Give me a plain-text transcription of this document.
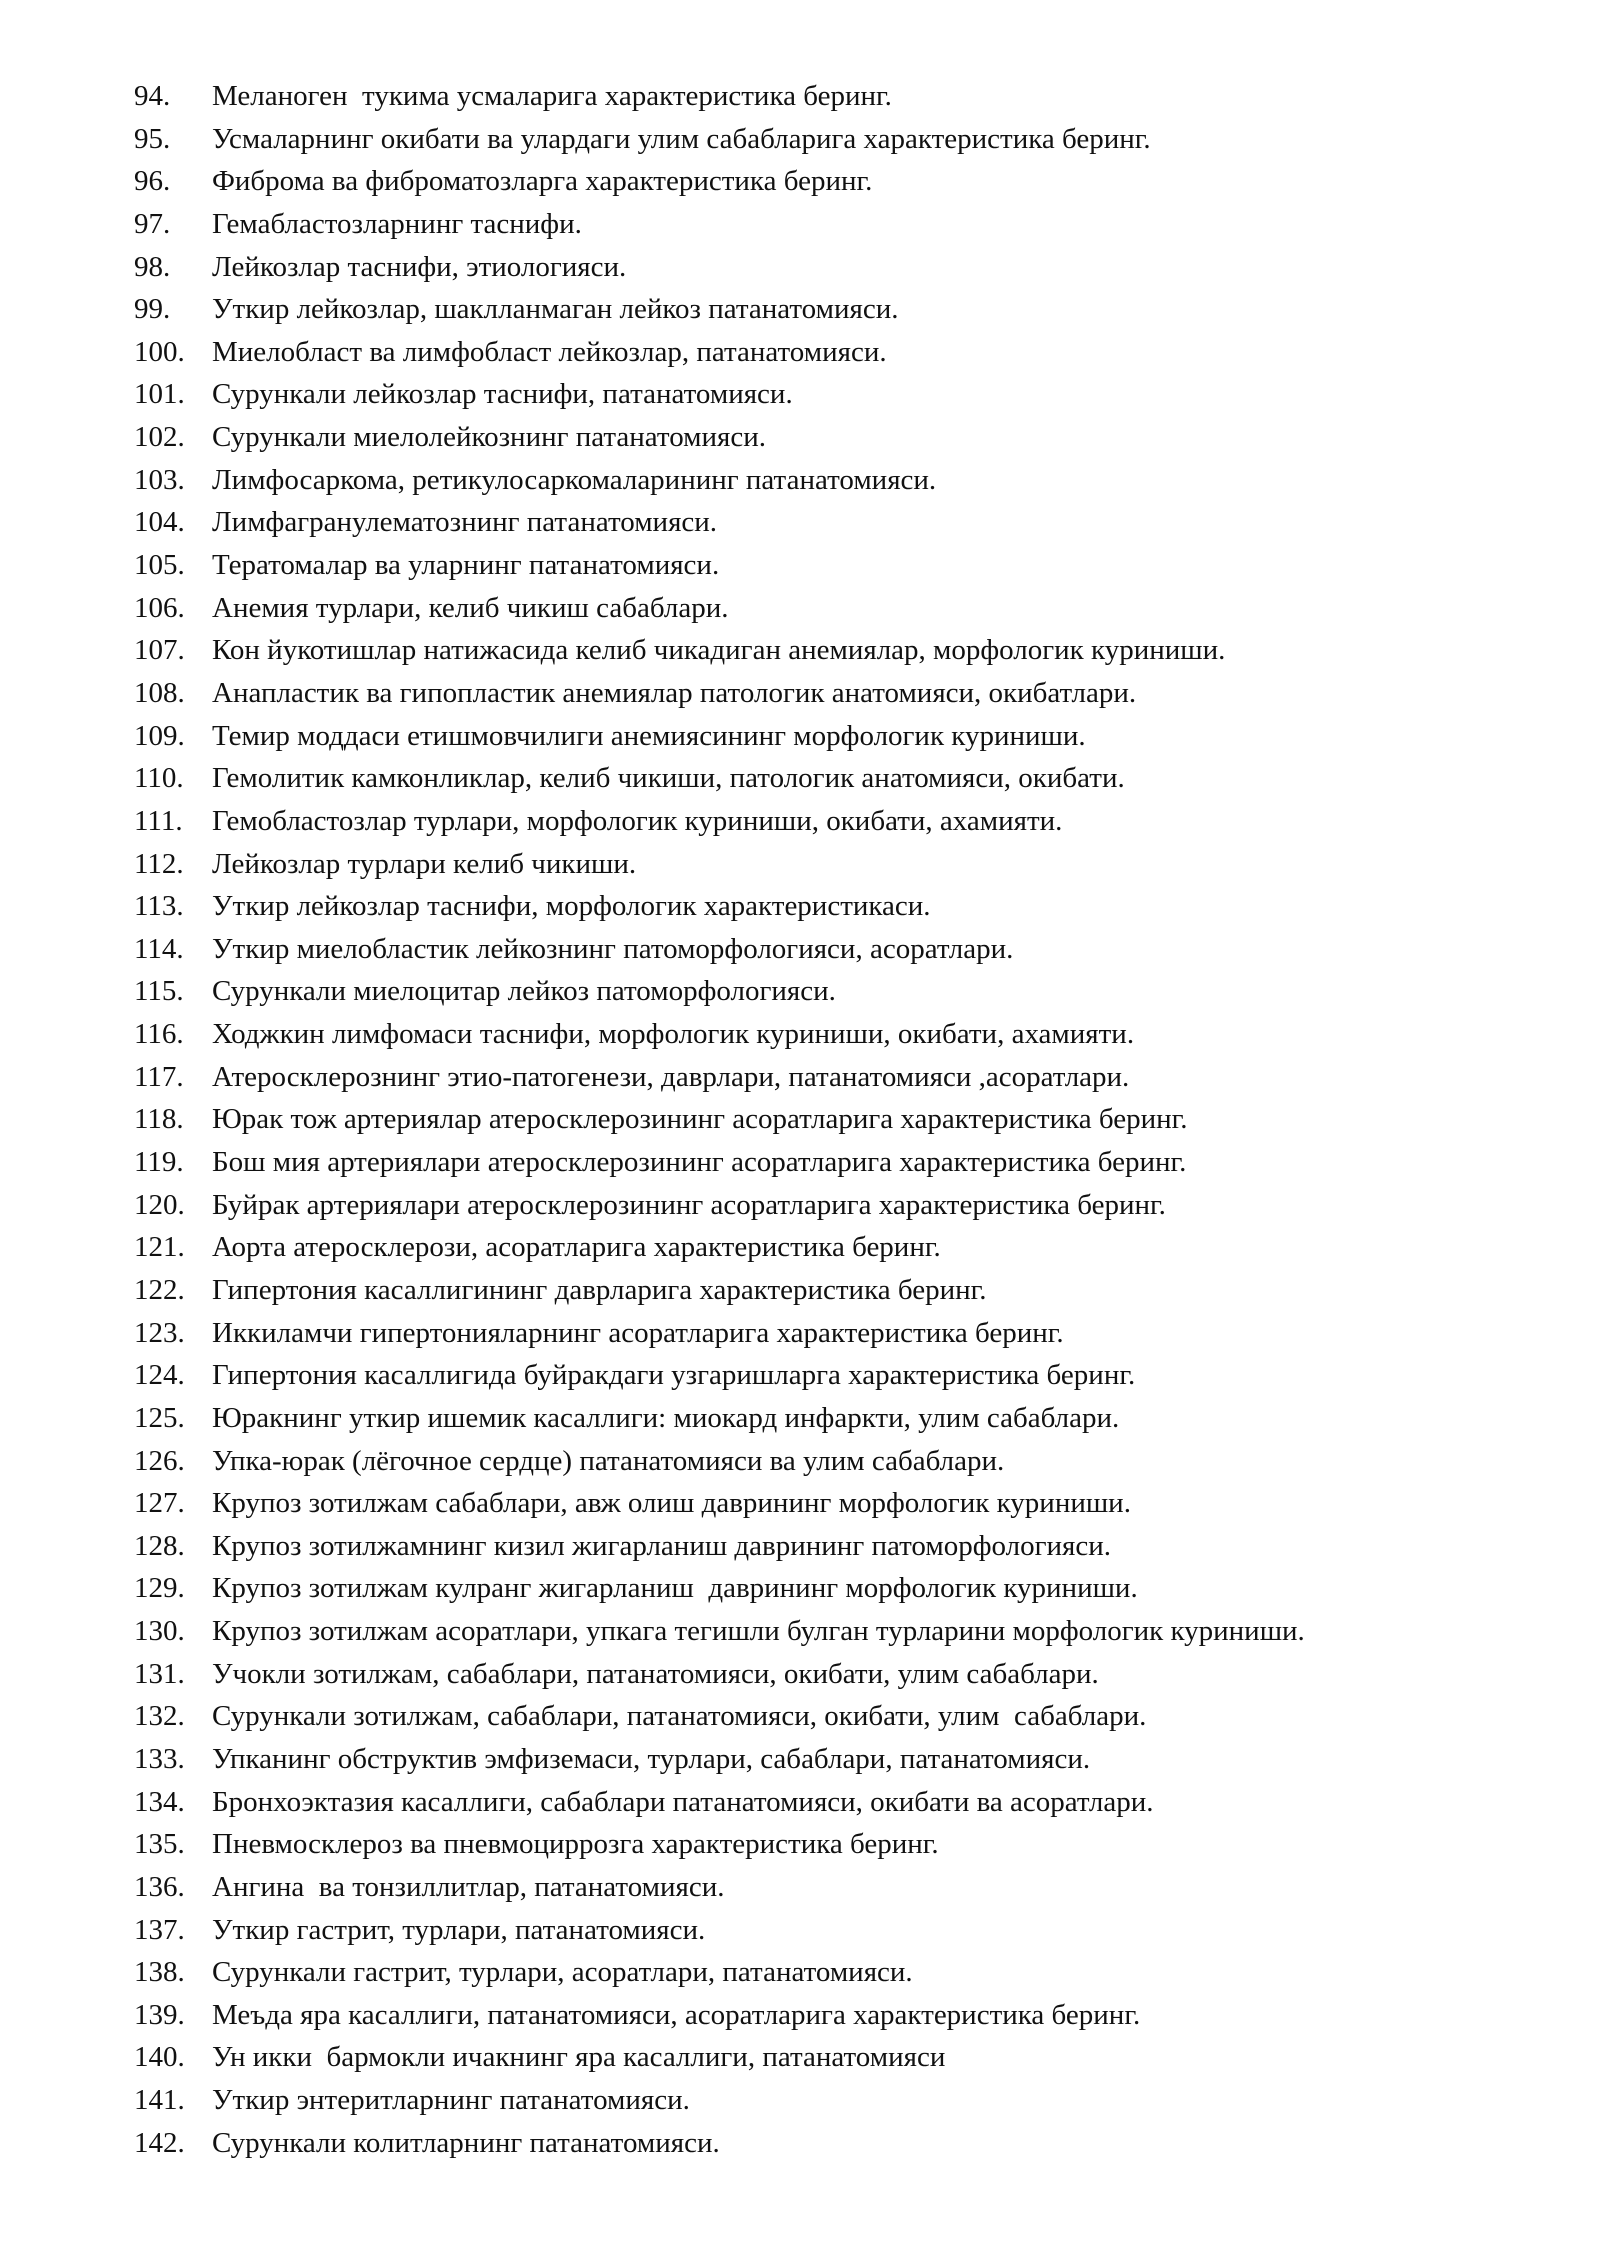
94.	Меланоген  тукима усмаларига характеристика беринг.
95.	Усмаларнинг окибати ва улардаги улим сабабларига характеристика беринг.
96.	Фиброма ва фиброматозларга характеристика беринг.
97.	Гемабластозларнинг таснифи.
98.	Лейкозлар таснифи, этиологияси.
99.	Уткир лейкозлар, шаклланмаган лейкоз патанатомияси.
100. Миелобласт ва лимфобласт лейкозлар, патанатомияси.
101. Сурункали лейкозлар таснифи, патанатомияси.
102. Сурункали миелолейкознинг патанатомияси.
103. Лимфосаркома, ретикулосаркомаларининг патанатомияси.
104. Лимфагранулематознинг патанатомияси.
105. Тератомалар ва уларнинг патанатомияси.
106. Анемия турлари, келиб чикиш сабаблари.
107. Кон йукотишлар натижасида келиб чикадиган анемиялар, морфологик куриниши.
108. Анапластик ва гипопластик анемиялар патологик анатомияси, окибатлари.
109. Темир моддаси етишмовчилиги анемиясининг морфологик куриниши.
110. Гемолитик камконликлар, келиб чикиши, патологик анатомияси, окибати.
111.	Гемобластозлар турлари, морфологик куриниши, окибати, ахамияти.
112. Лейкозлар турлари келиб чикиши.
113. Уткир лейкозлар таснифи, морфологик характеристикаси.
114. Уткир миелобластик лейкознинг патоморфологияси, асоратлари.
115. Сурункали миелоцитар лейкоз патоморфологияси.
116. Ходжкин лимфомаси таснифи, морфологик куриниши, окибати, ахамияти.
117. Атеросклерознинг этио-патогенези, даврлари, патанатомияси ,асоратлари.
118. Юрак тож артериялар атеросклерозининг асоратларига характеристика беринг.
119. Бош мия артериялари атеросклерозининг асоратларига характеристика беринг.
120. Буйрак артериялари атеросклерозининг асоратларига характеристика беринг.
121. Аорта атеросклерози, асоратларига характеристика беринг.
122. Гипертония касаллигининг даврларига характеристика беринг.
123. Иккиламчи гипертонияларнинг асоратларига характеристика беринг.
124. Гипертония касаллигида буйракдаги узгаришларга характеристика беринг.
125. Юракнинг уткир ишемик касаллиги: миокард инфаркти, улим сабаблари.
126. Упка-юрак (лёгочное сердце) патанатомияси ва улим сабаблари.
127. Крупоз зотилжам сабаблари, авж олиш даврининг морфологик куриниши.
128. Крупоз зотилжамнинг кизил жигарланиш даврининг патоморфологияси.
129. Крупоз зотилжам кулранг жигарланиш  даврининг морфологик куриниши.
130. Крупоз зотилжам асоратлари, упкага тегишли булган турларини морфологик куриниши.
131. Учокли зотилжам, сабаблари, патанатомияси, окибати, улим сабаблари.
132. Сурункали зотилжам, сабаблари, патанатомияси, окибати, улим  сабаблари.
133. Упканинг обструктив эмфиземаси, турлари, сабаблари, патанатомияси.
134. Бронхоэктазия касаллиги, сабаблари патанатомияси, окибати ва асоратлари.
135. Пневмосклероз ва пневмоциррозга характеристика беринг.
136. Ангина  ва тонзиллитлар, патанатомияси.
137. Уткир гастрит, турлари, патанатомияси.
138. Сурункали гастрит, турлари, асоратлари, патанатомияси.
139. Меъда яра касаллиги, патанатомияси, асоратларига характеристика беринг.
140. Ун икки  бармокли ичакнинг яра касаллиги, патанатомияси
141. Уткир энтеритларнинг патанатомияси.
142. Сурункали колитларнинг патанатомияси.
